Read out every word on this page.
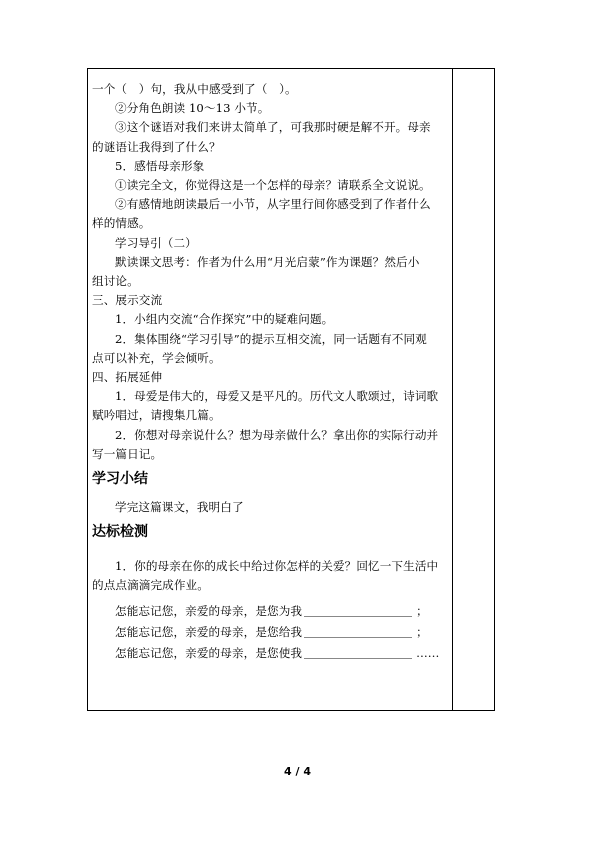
一个（　）句，我从中感受到了（　）。
②分角色朗读 10～13 小节。
③这个谜语对我们来讲太简单了，可我那时硬是解不开。母亲
的谜语让我得到了什么？
5．感悟母亲形象
①读完全文，你觉得这是一个怎样的母亲？请联系全文说说。
②有感情地朗读最后一小节，从字里行间你感受到了作者什么
样的情感。
学习导引（二）
默读课文思考：作者为什么用“月光启蒙”作为课题？然后小
组讨论。
三、展示交流
1．小组内交流“合作探究”中的疑难问题。
2．集体围绕“学习引导”的提示互相交流，同一话题有不同观
点可以补充，学会倾听。
四、拓展延伸
1．母爱是伟大的，母爱又是平凡的。历代文人歌颂过，诗词歌
赋吟唱过，请搜集几篇。
2．你想对母亲说什么？想为母亲做什么？拿出你的实际行动并
写一篇日记。
学习小结
学完这篇课文，我明白了
达标检测
1．你的母亲在你的成长中给过你怎样的关爱？回忆一下生活中
的点点滴滴完成作业。
怎能忘记您，亲爱的母亲，是您为我	；
怎能忘记您，亲爱的母亲，是您给我	；
怎能忘记您，亲爱的母亲，是您使我	……
4 / 4
